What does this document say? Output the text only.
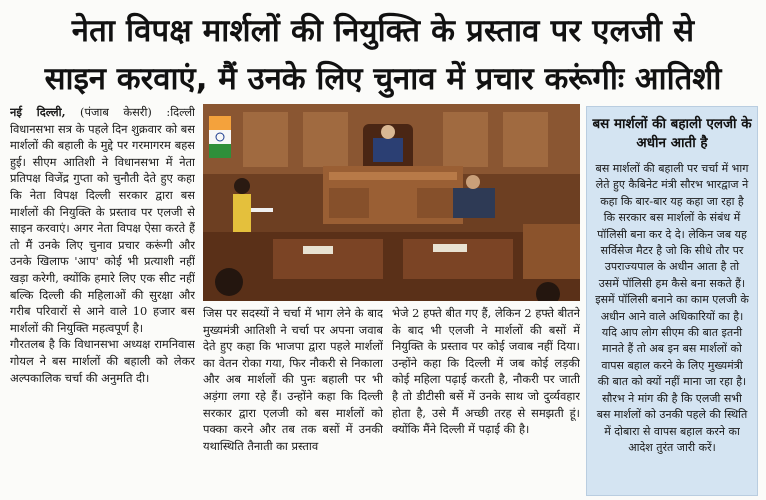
नेता विपक्ष मार्शलों की नियुक्ति के प्रस्ताव पर एलजी से
साइन करवाएं, मैं उनके लिए चुनाव में प्रचार करूंगीः आतिशी

नई दिल्ली, (पंजाब केसरी) :दिल्ली विधानसभा सत्र के पहले दिन शुक्रवार को बस मार्शलों की बहाली के मुद्दे पर गरमागरम बहस हुई। सीएम आतिशी ने विधानसभा में नेता प्रतिपक्ष विजेंद्र गुप्ता को चुनौती देते हुए कहा कि नेता विपक्ष दिल्ली सरकार द्वारा बस मार्शलों की नियुक्ति के प्रस्ताव पर एलजी से साइन करवाएं। अगर नेता विपक्ष ऐसा करते हैं तो मैं उनके लिए चुनाव प्रचार करूंगी और उनके खिलाफ 'आप' कोई भी प्रत्याशी नहीं खड़ा करेगी, क्योंकि हमारे लिए एक सीट नहीं बल्कि दिल्ली की महिलाओं की सुरक्षा और गरीब परिवारों से आने वाले 10 हजार बस मार्शलों की नियुक्ति महत्वपूर्ण है।

गौरतलब है कि विधानसभा अध्यक्ष रामनिवास गोयल ने बस मार्शलों की बहाली को लेकर अल्पकालिक चर्चा की अनुमति दी।

जिस पर सदस्यों ने चर्चा में भाग लेने के बाद मुख्यमंत्री आतिशी ने चर्चा पर अपना जवाब देते हुए कहा कि भाजपा द्वारा पहले मार्शलों का वेतन रोका गया, फिर नौकरी से निकाला और अब मार्शलों की पुनः बहाली पर भी अड़ंगा लगा रहे हैं। उन्होंने कहा कि दिल्ली सरकार द्वारा एलजी को बस मार्शलों को पक्का करने और तब तक बसों में उनकी यथास्थिति तैनाती का प्रस्ताव
भेजे 2 हफ्ते बीत गए हैं, लेकिन 2 हफ्ते बीतने के बाद भी एलजी ने मार्शलों की बसों में नियुक्ति के प्रस्ताव पर कोई जवाब नहीं दिया। उन्होंने कहा कि दिल्ली में जब कोई लड़की कोई महिला पढ़ाई करती है, नौकरी पर जाती है तो डीटीसी बसें में उनके साथ जो दुर्व्यवहार होता है, उसे मैं अच्छी तरह से समझती हूं। क्योंकि मैंने दिल्ली में पढ़ाई की है।
बस मार्शलों की बहाली एलजी के अधीन आती है
बस मार्शलों की बहाली पर चर्चा में भाग लेते हुए कैबिनेट मंत्री सौरभ भारद्वाज ने कहा कि बार-बार यह कहा जा रहा है कि सरकार बस मार्शलों के संबंध में पॉलिसी बना कर दे दे। लेकिन जब यह सर्विसेज मैटर है जो कि सीधे तौर पर उपराज्यपाल के अधीन आता है तो उसमें पॉलिसी हम कैसे बना सकते हैं। इसमें पॉलिसी बनाने का काम एलजी के अधीन आने वाले अधिकारियों का है। यदि आप लोग सीएम की बात इतनी मानते हैं तो अब इन बस मार्शलों को वापस बहाल करने के लिए मुख्यमंत्री की बात को क्यों नहीं माना जा रहा है। सौरभ ने मांग की है कि एलजी सभी बस मार्शलों को उनकी पहले की स्थिति में दोबारा से वापस बहाल करने का आदेश तुरंत जारी करें।
